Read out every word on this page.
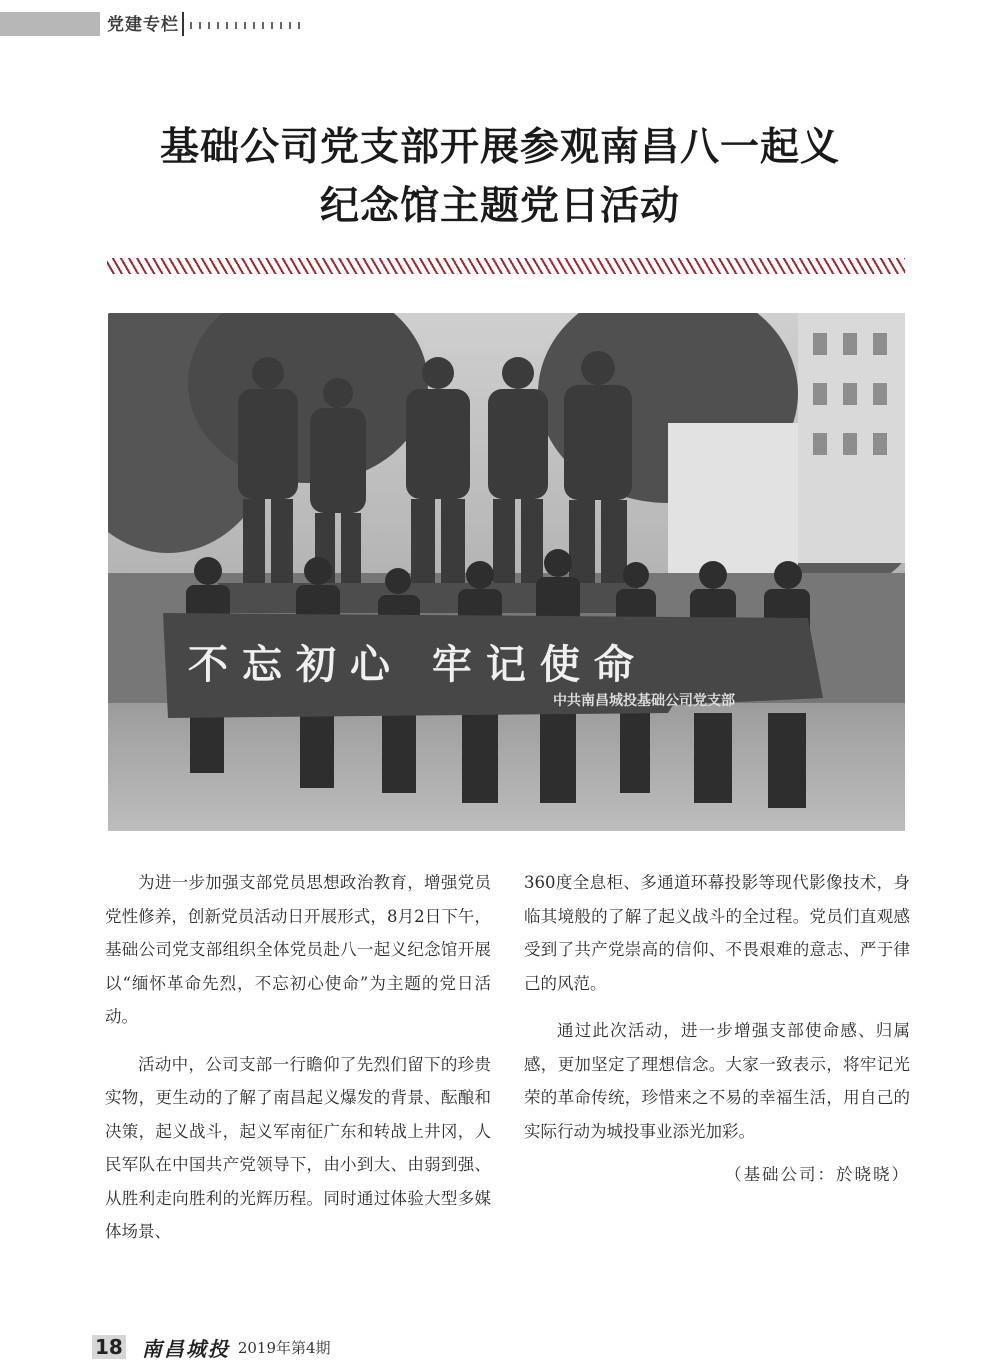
党建专栏
基础公司党支部开展参观南昌八一起义
纪念馆主题党日活动
不忘初心 牢记使命
中共南昌城投基础公司党支部

为进一步加强支部党员思想政治教育，增强党员党性修养，创新党员活动日开展形式，8月2日下午，基础公司党支部组织全体党员赴八一起义纪念馆开展以“缅怀革命先烈，不忘初心使命”为主题的党日活动。

活动中，公司支部一行瞻仰了先烈们留下的珍贵实物，更生动的了解了南昌起义爆发的背景、酝酿和决策，起义战斗，起义军南征广东和转战上井冈，人民军队在中国共产党领导下，由小到大、由弱到强、从胜利走向胜利的光辉历程。同时通过体验大型多媒体场景、

360度全息柜、多通道环幕投影等现代影像技术，身临其境般的了解了起义战斗的全过程。党员们直观感受到了共产党崇高的信仰、不畏艰难的意志、严于律己的风范。

通过此次活动，进一步增强支部使命感、归属感，更加坚定了理想信念。大家一致表示，将牢记光荣的革命传统，珍惜来之不易的幸福生活，用自己的实际行动为城投事业添光加彩。

（基础公司：於晓晓）
18 南昌城投 2019年第4期
